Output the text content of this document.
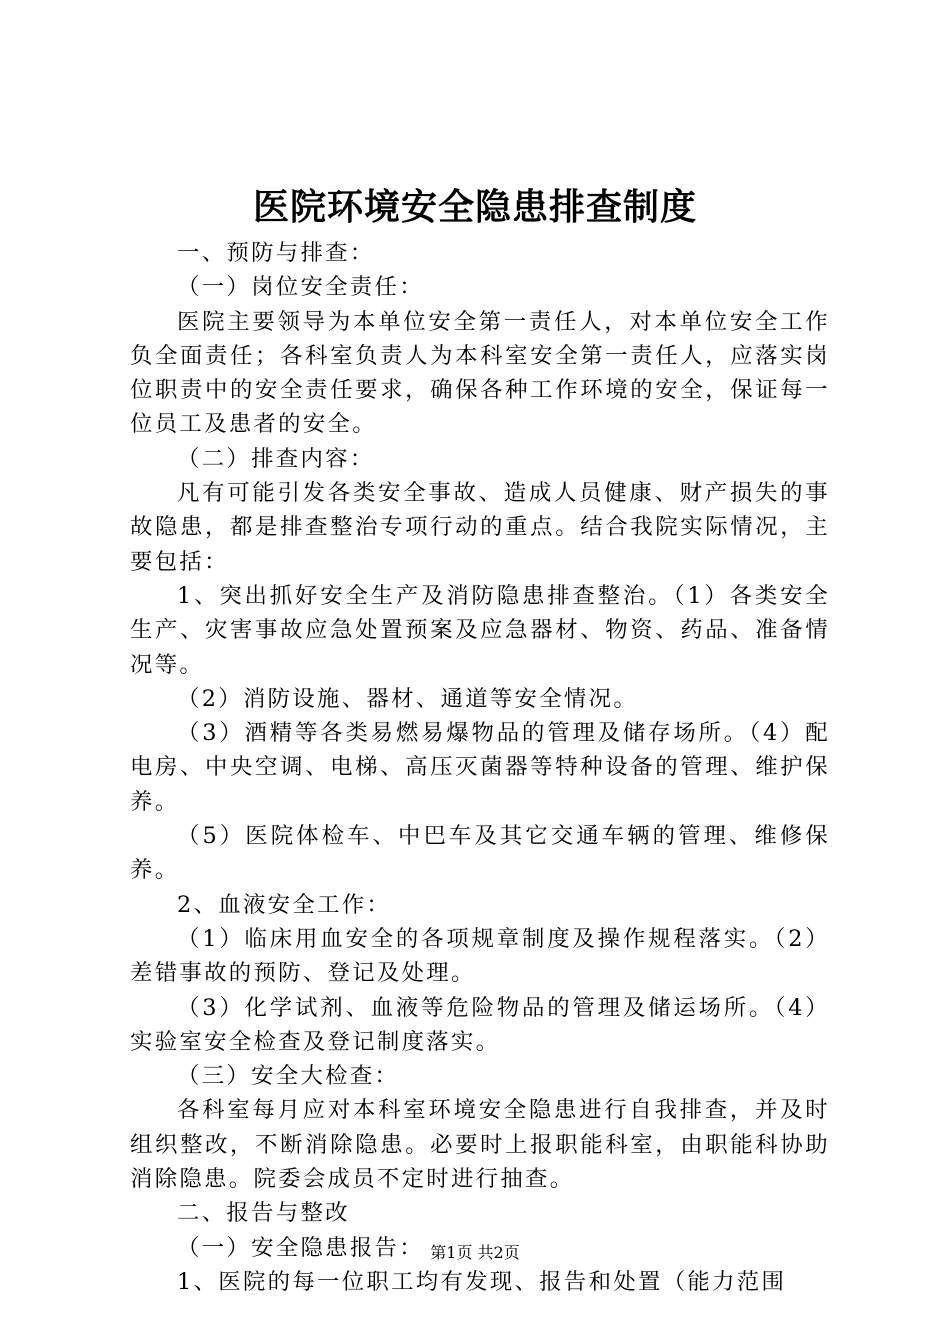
医院环境安全隐患排查制度

一、预防与排查：

（一）岗位安全责任：

医院主要领导为本单位安全第一责任人，对本单位安全工作负全面责任；各科室负责人为本科室安全第一责任人，应落实岗位职责中的安全责任要求，确保各种工作环境的安全，保证每一位员工及患者的安全。

（二）排查内容：

凡有可能引发各类安全事故、造成人员健康、财产损失的事故隐患，都是排查整治专项行动的重点。结合我院实际情况，主要包括：

1、突出抓好安全生产及消防隐患排查整治。（1）各类安全生产、灾害事故应急处置预案及应急器材、物资、药品、准备情况等。

（2）消防设施、器材、通道等安全情况。

（3）酒精等各类易燃易爆物品的管理及储存场所。（4）配电房、中央空调、电梯、高压灭菌器等特种设备的管理、维护保养。

（5）医院体检车、中巴车及其它交通车辆的管理、维修保养。

2、血液安全工作：

（1）临床用血安全的各项规章制度及操作规程落实。（2）差错事故的预防、登记及处理。

（3）化学试剂、血液等危险物品的管理及储运场所。（4）实验室安全检查及登记制度落实。

（三）安全大检查：

各科室每月应对本科室环境安全隐患进行自我排查，并及时组织整改，不断消除隐患。必要时上报职能科室，由职能科协助消除隐患。院委会成员不定时进行抽查。

二、报告与整改

（一）安全隐患报告：

1、医院的每一位职工均有发现、报告和处置（能力范围

第1页 共2页
